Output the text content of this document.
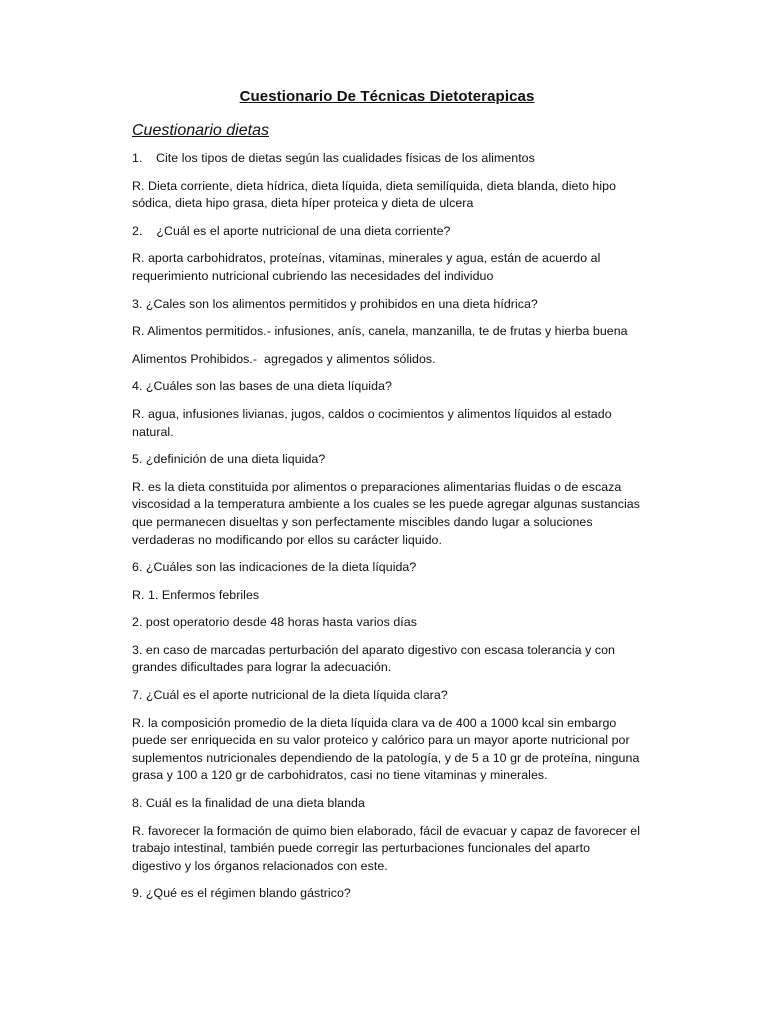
Cuestionario De Técnicas Dietoterapicas
Cuestionario dietas
1. Cite los tipos de dietas según las cualidades físicas de los alimentos
R. Dieta corriente, dieta hídrica, dieta líquida, dieta semilíquida, dieta blanda, dieto hipo sódica, dieta hipo grasa, dieta híper proteica y dieta de ulcera
2.    ¿Cuál es el aporte nutricional de una dieta corriente?
R. aporta carbohidratos, proteínas, vitaminas, minerales y agua, están de acuerdo al requerimiento nutricional cubriendo las necesidades del individuo
3. ¿Cales son los alimentos permitidos y prohibidos en una dieta hídrica?
R. Alimentos permitidos.- infusiones, anís, canela, manzanilla, te de frutas y hierba buena
Alimentos Prohibidos.-  agregados y alimentos sólidos.
4. ¿Cuáles son las bases de una dieta líquida?
R. agua, infusiones livianas, jugos, caldos o cocimientos y alimentos líquidos al estado natural.
5. ¿definición de una dieta liquida?
R. es la dieta constituida por alimentos o preparaciones alimentarias fluidas o de escaza viscosidad a la temperatura ambiente a los cuales se les puede agregar algunas sustancias que permanecen disueltas y son perfectamente miscibles dando lugar a soluciones verdaderas no modificando por ellos su carácter liquido.
6. ¿Cuáles son las indicaciones de la dieta líquida?
R. 1. Enfermos febriles
2. post operatorio desde 48 horas hasta varios días
3. en caso de marcadas perturbación del aparato digestivo con escasa tolerancia y con grandes dificultades para lograr la adecuación.
7. ¿Cuál es el aporte nutricional de la dieta líquida clara?
R. la composición promedio de la dieta líquida clara va de 400 a 1000 kcal sin embargo puede ser enriquecida en su valor proteico y calórico para un mayor aporte nutricional por suplementos nutricionales dependiendo de la patología, y de 5 a 10 gr de proteína, ninguna grasa y 100 a 120 gr de carbohidratos, casi no tiene vitaminas y minerales.
8. Cuál es la finalidad de una dieta blanda
R. favorecer la formación de quimo bien elaborado, fácil de evacuar y capaz de favorecer el trabajo intestinal, también puede corregir las perturbaciones funcionales del aparto digestivo y los órganos relacionados con este.
9. ¿Qué es el régimen blando gástrico?
